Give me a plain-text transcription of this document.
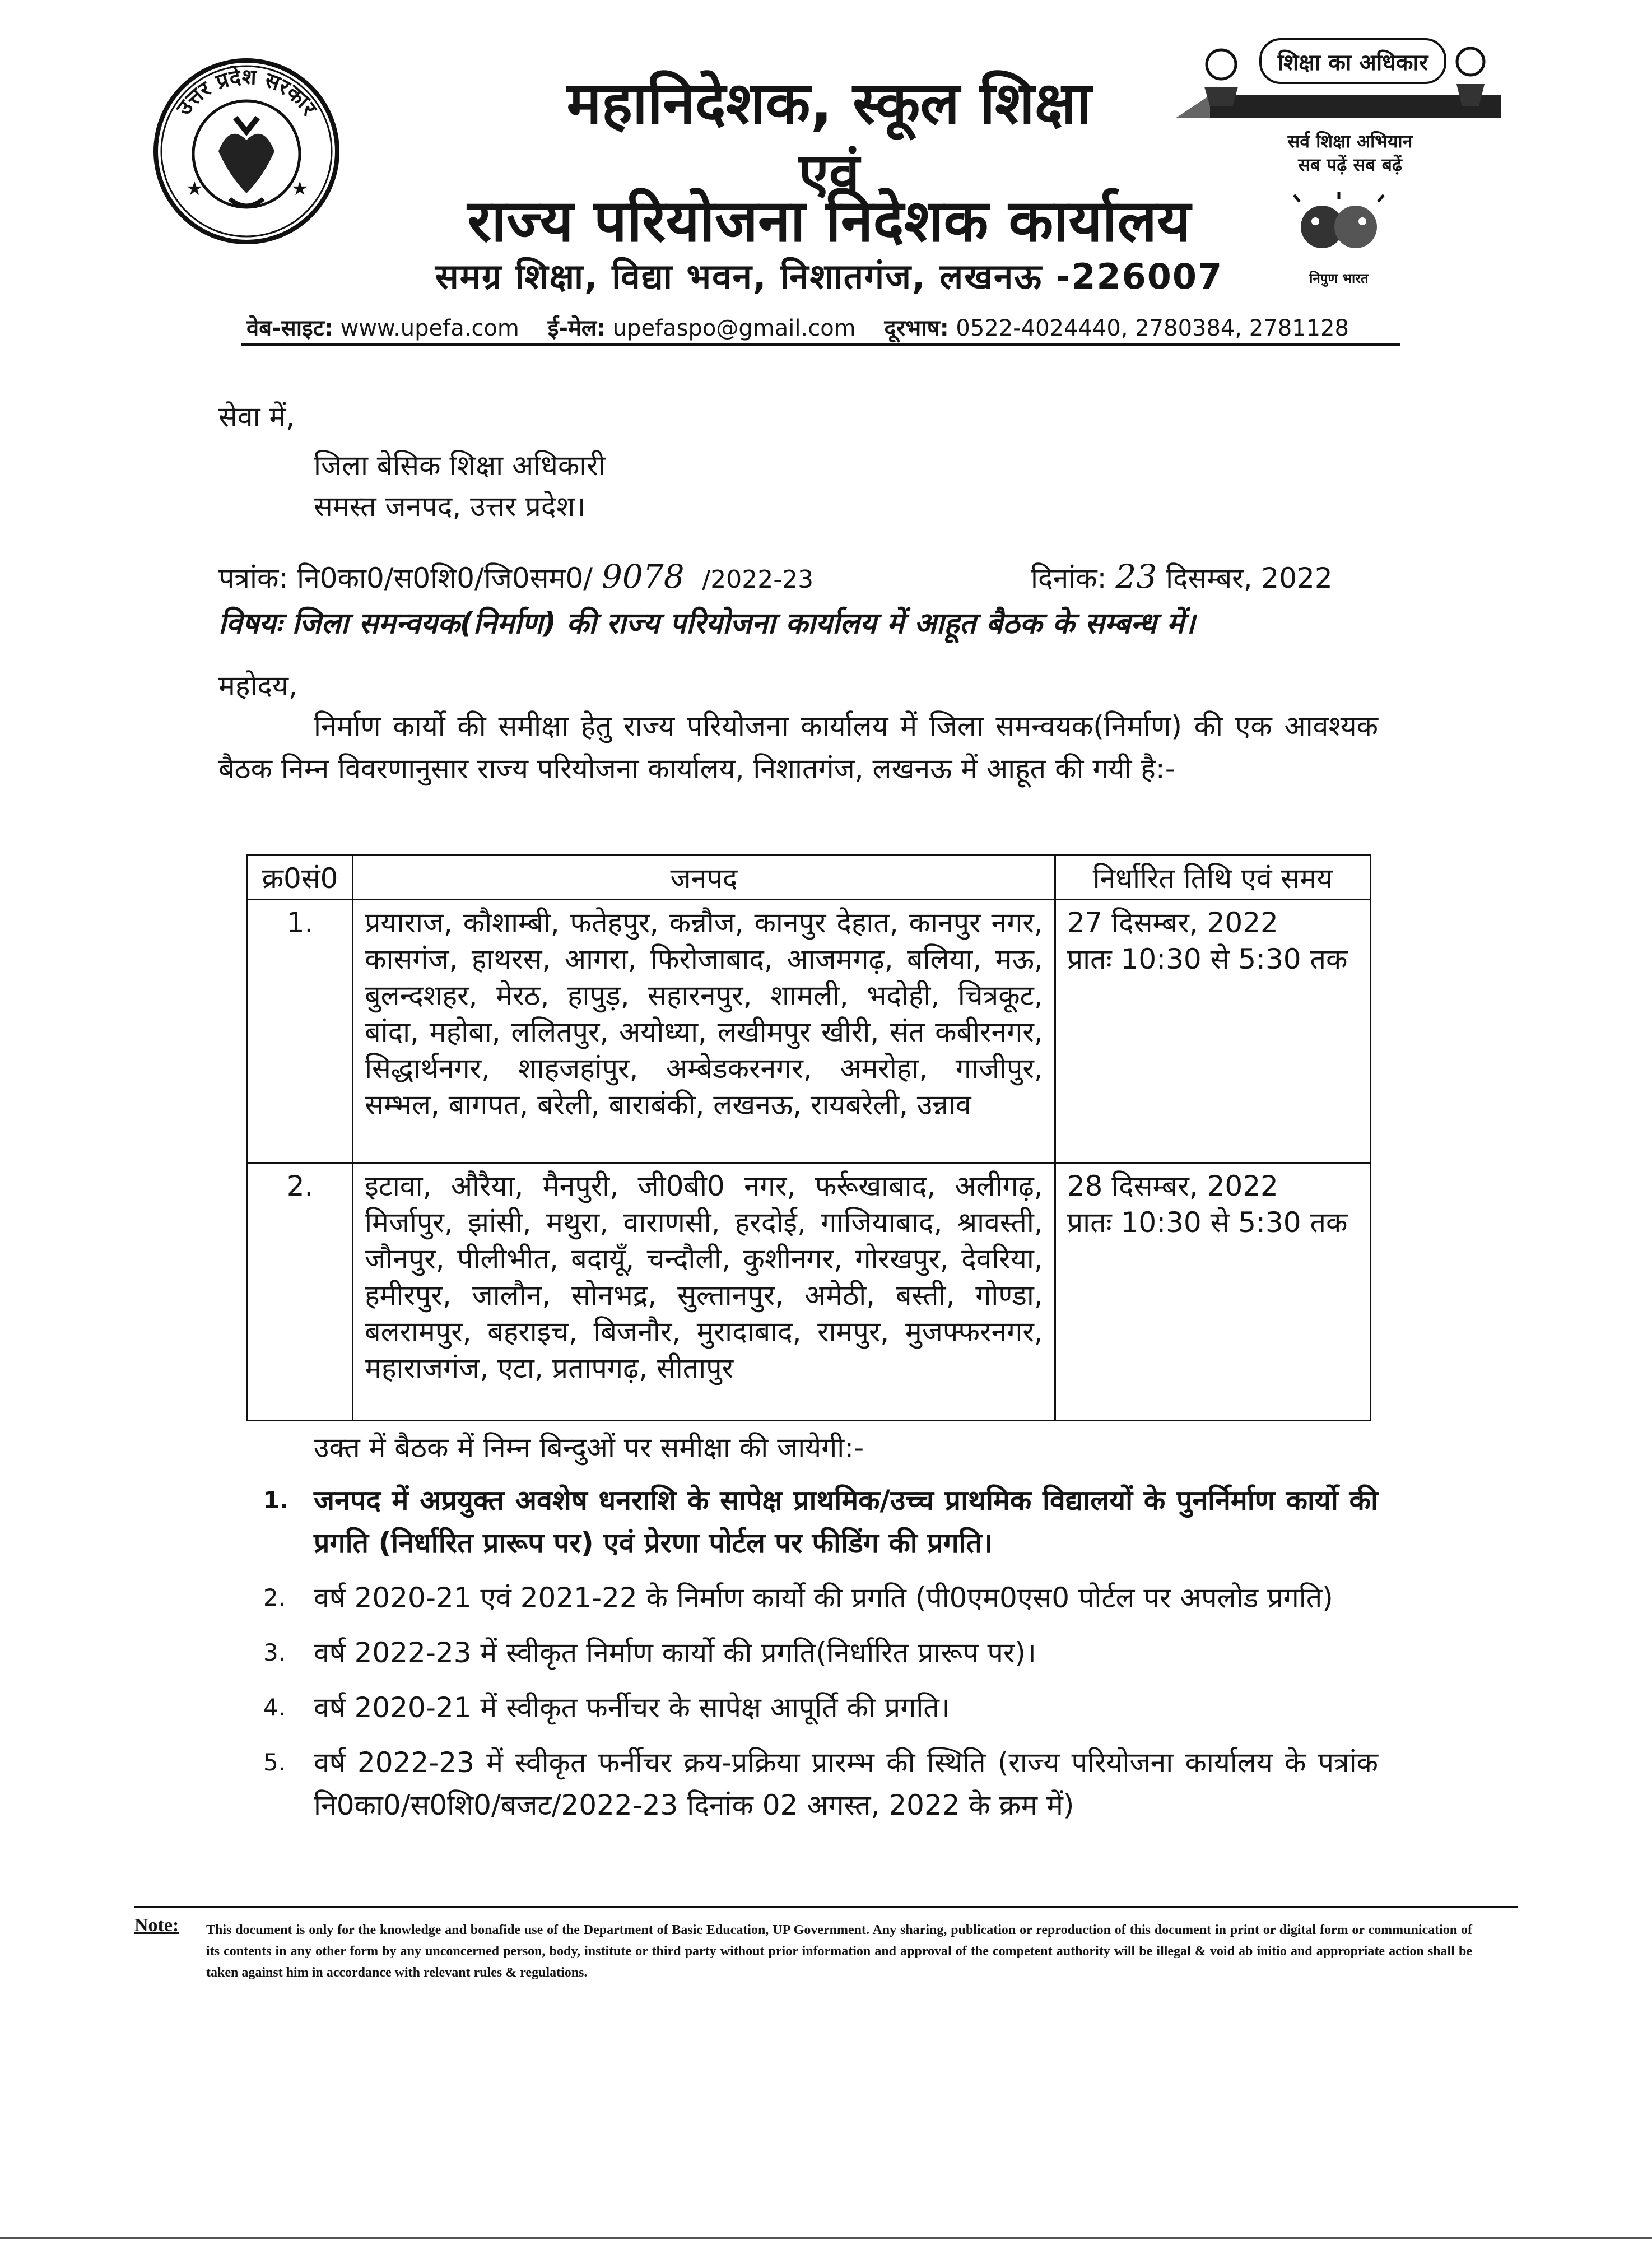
उत्तर प्रदेश सरकार
★	★
महानिदेशक, स्कूल शिक्षा
एवं
राज्य परियोजना निदेशक कार्यालय
समग्र शिक्षा, विद्या भवन, निशातगंज, लखनऊ -226007
शिक्षा का अधिकार
सर्व शिक्षा अभियान
सब पढ़ें सब बढ़ें
निपुण भारत
वेब-साइट: www.upefa.com ई-मेल: upefaspo@gmail.com दूरभाष: 0522-4024440, 2780384, 2781128
सेवा में,
जिला बेसिक शिक्षा अधिकारी
समस्त जनपद, उत्तर प्रदेश।
पत्रांक: नि0का0/स0शि0/जि0सम0/ 9078 /2022-23	दिनांक: 23 दिसम्बर, 2022
विषयः जिला समन्वयक(निर्माण) की राज्य परियोजना कार्यालय में आहूत बैठक के सम्बन्ध में।
महोदय,
निर्माण कार्यो की समीक्षा हेतु राज्य परियोजना कार्यालय में जिला समन्वयक(निर्माण) की एक आवश्यक बैठक निम्न विवरणानुसार राज्य परियोजना कार्यालय, निशातगंज, लखनऊ में आहूत की गयी है:-
क्र0सं0	जनपद	निर्धारित तिथि एवं समय
1.	प्रयाराज, कौशाम्बी, फतेहपुर, कन्नौज, कानपुर देहात, कानपुर नगर, कासगंज, हाथरस, आगरा, फिरोजाबाद, आजमगढ़, बलिया, मऊ, बुलन्दशहर, मेरठ, हापुड़, सहारनपुर, शामली, भदोही, चित्रकूट, बांदा, महोबा, ललितपुर, अयोध्या, लखीमपुर खीरी, संत कबीरनगर, सिद्धार्थनगर, शाहजहांपुर, अम्बेडकरनगर, अमरोहा, गाजीपुर, सम्भल, बागपत, बरेली, बाराबंकी, लखनऊ, रायबरेली, उन्नाव	27 दिसम्बर, 2022
प्रातः 10:30 से 5:30 तक

2.	इटावा, औरैया, मैनपुरी, जी0बी0 नगर, फर्रूखाबाद, अलीगढ़, मिर्जापुर, झांसी, मथुरा, वाराणसी, हरदोई, गाजियाबाद, श्रावस्ती, जौनपुर, पीलीभीत, बदायूँ, चन्दौली, कुशीनगर, गोरखपुर, देवरिया, हमीरपुर, जालौन, सोनभद्र, सुल्तानपुर, अमेठी, बस्ती, गोण्डा, बलरामपुर, बहराइच, बिजनौर, मुरादाबाद, रामपुर, मुजफ्फरनगर, महाराजगंज, एटा, प्रतापगढ़, सीतापुर	28 दिसम्बर, 2022
प्रातः 10:30 से 5:30 तक
उक्त में बैठक में निम्न बिन्दुओं पर समीक्षा की जायेगी:-
1. जनपद में अप्रयुक्त अवशेष धनराशि के सापेक्ष प्राथमिक/उच्च प्राथमिक विद्यालयों के पुनर्निर्माण कार्यो की प्रगति (निर्धारित प्रारूप पर) एवं प्रेरणा पोर्टल पर फीडिंग की प्रगति।
2. वर्ष 2020-21 एवं 2021-22 के निर्माण कार्यो की प्रगति (पी0एम0एस0 पोर्टल पर अपलोड प्रगति)
3. वर्ष 2022-23 में स्वीकृत निर्माण कार्यो की प्रगति(निर्धारित प्रारूप पर)।
4. वर्ष 2020-21 में स्वीकृत फर्नीचर के सापेक्ष आपूर्ति की प्रगति।
5. वर्ष 2022-23 में स्वीकृत फर्नीचर क्रय-प्रक्रिया प्रारम्भ की स्थिति (राज्य परियोजना कार्यालय के पत्रांक नि0का0/स0शि0/बजट/2022-23 दिनांक 02 अगस्त, 2022 के क्रम में)
Note: This document is only for the knowledge and bonafide use of the Department of Basic Education, UP Government. Any sharing, publication or reproduction of this document in print or digital form or communication of its contents in any other form by any unconcerned person, body, institute or third party without prior information and approval of the competent authority will be illegal & void ab initio and appropriate action shall be taken against him in accordance with relevant rules & regulations.
